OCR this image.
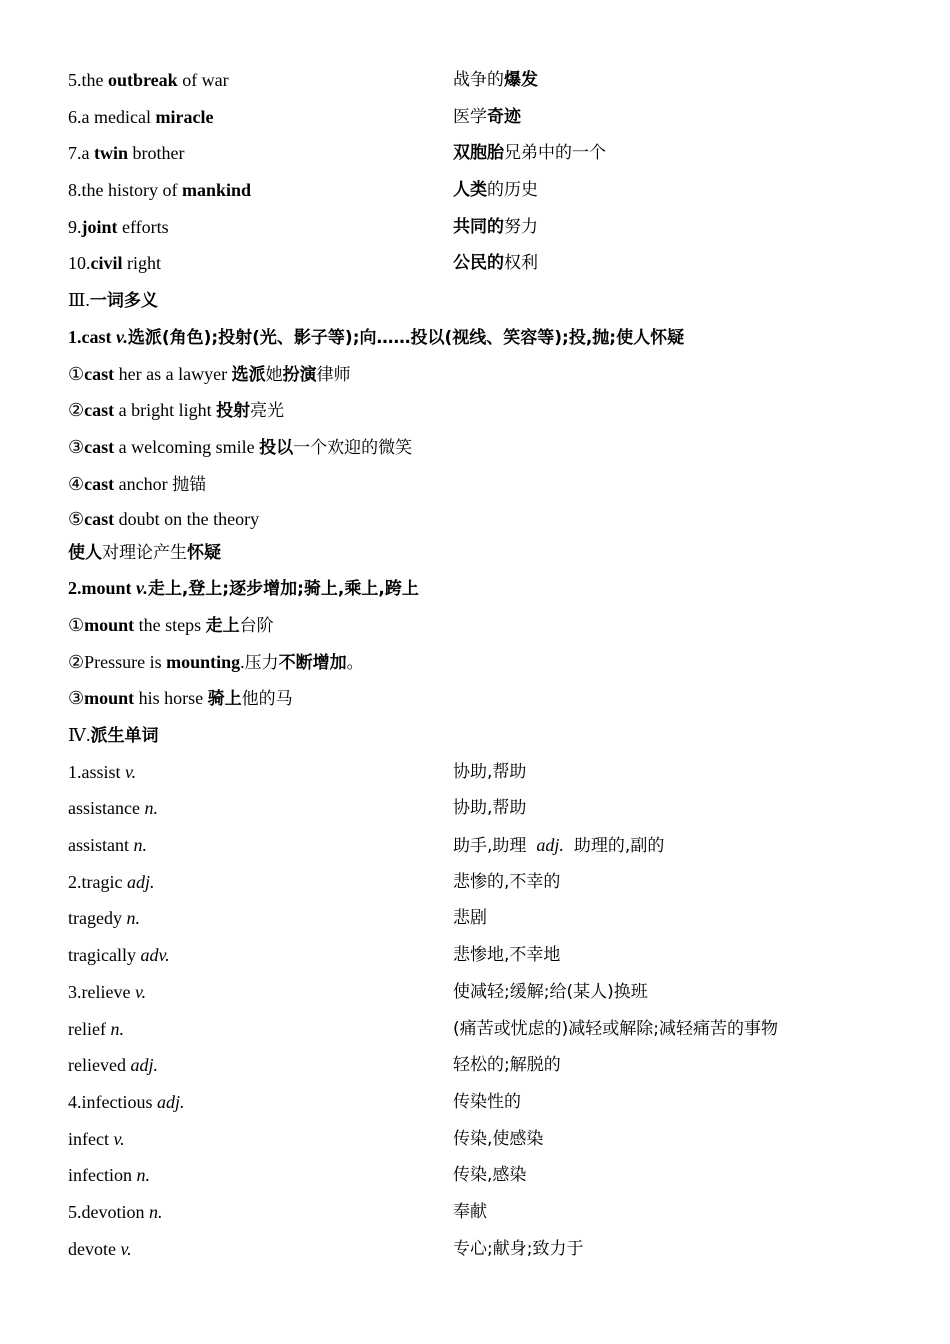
5.the outbreak of war	战争的爆发
6.a medical miracle	医学奇迹
7.a twin brother	双胞胎兄弟中的一个
8.the history of mankind	人类的历史
9.joint efforts	共同的努力
10.civil right	公民的权利
Ⅲ.一词多义
1.cast v.选派(角色);投射(光、影子等);向……投以(视线、笑容等);投,抛;使人怀疑
①cast her as a lawyer 选派她扮演律师
②cast a bright light 投射亮光
③cast a welcoming smile 投以一个欢迎的微笑
④cast anchor 抛锚
⑤cast doubt on the theory
使人对理论产生怀疑
2.mount v.走上,登上;逐步增加;骑上,乘上,跨上
①mount the steps 走上台阶
②Pressure is mounting.压力不断增加。
③mount his horse 骑上他的马
Ⅳ.派生单词
1.assist v.	协助,帮助
assistance n.	协助,帮助
assistant n.	助手,助理 adj. 助理的,副的
2.tragic adj.	悲惨的,不幸的
tragedy n.	悲剧
tragically adv.	悲惨地,不幸地
3.relieve v.	使减轻;缓解;给(某人)换班
relief n.	(痛苦或忧虑的)减轻或解除;减轻痛苦的事物
relieved adj.	轻松的;解脱的
4.infectious adj.	传染性的
infect v.	传染,使感染
infection n.	传染,感染
5.devotion n.	奉献
devote v.	专心;献身;致力于
